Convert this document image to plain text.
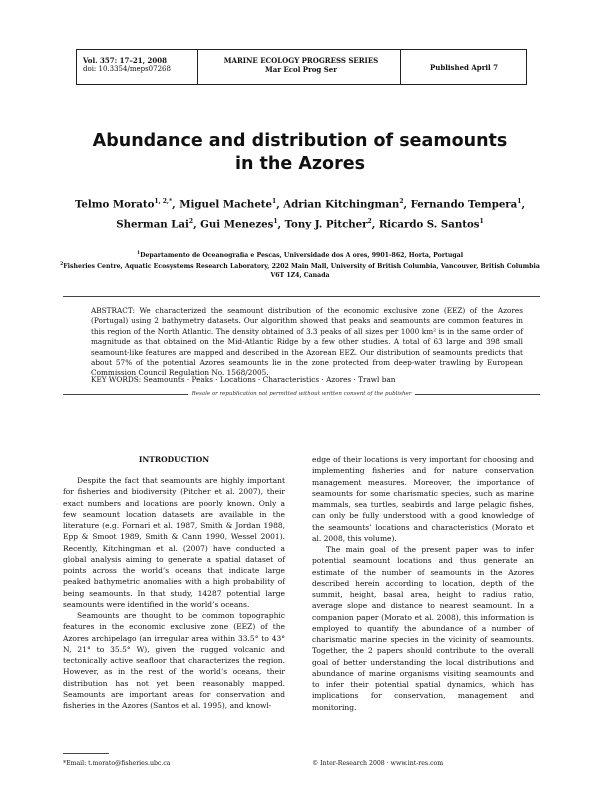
Vol. 357: 17–21, 2008
doi: 10.3354/meps07268
MARINE ECOLOGY PROGRESS SERIES
Mar Ecol Prog Ser	Published April 7
Abundance and distribution of seamounts
in the Azores
Telmo Morato$^{1, 2,*}$, Miguel Machete$^1$, Adrian Kitchingman$^2$, Fernando Tempera$^1$,
Sherman Lai$^2$, Gui Menezes$^1$, Tony J. Pitcher$^2$, Ricardo S. Santos$^1$
$^1$Departamento de Oceanografia e Pescas, Universidade dos A ores, 9901-862, Horta, Portugal
$^2$Fisheries Centre, Aquatic Ecosystems Research Laboratory, 2202 Main Mall, University of British Columbia, Vancouver, British Columbia V6T 1Z4, Canada
ABSTRACT: We characterized the seamount distribution of the economic exclusive zone (EEZ) of the Azores (Portugal) using 2 bathymetry datasets. Our algorithm showed that peaks and seamounts are common features in this region of the North Atlantic. The density obtained of 3.3 peaks of all sizes per 1000 km² is in the same order of magnitude as that obtained on the Mid-Atlantic Ridge by a few other studies. A total of 63 large and 398 small seamount-like features are mapped and described in the Azorean EEZ. Our distribution of seamounts predicts that about 57% of the potential Azores seamounts lie in the zone protected from deep-water trawling by European Commission Council Regulation No. 1568/2005.
KEY WORDS: Seamounts · Peaks · Locations · Characteristics · Azores · Trawl ban
Resale or republication not permitted without written consent of the publisher
INTRODUCTION

Despite the fact that seamounts are highly important for fisheries and biodiversity (Pitcher et al. 2007), their exact numbers and locations are poorly known. Only a few seamount location datasets are available in the literature (e.g. Fornari et al. 1987, Smith & Jordan 1988, Epp & Smoot 1989, Smith & Cann 1990, Wessel 2001). Recently, Kitchingman et al. (2007) have conducted a global analysis aiming to generate a spatial dataset of points across the world’s oceans that indicate large peaked bathymetric anomalies with a high probability of being seamounts. In that study, 14287 potential large seamounts were identified in the world’s oceans.

Seamounts are thought to be common topographic features in the economic exclusive zone (EEZ) of the Azores archipelago (an irregular area within 33.5° to 43° N, 21° to 35.5° W), given the rugged volcanic and tectonically active seafloor that characterizes the region. However, as in the rest of the world’s oceans, their distribution has not yet been reasonably mapped. Seamounts are important areas for conservation and fisheries in the Azores (Santos et al. 1995), and knowl-

edge of their locations is very important for choosing and implementing fisheries and for nature conservation management measures. Moreover, the importance of seamounts for some charismatic species, such as marine mammals, sea turtles, seabirds and large pelagic fishes, can only be fully understood with a good knowledge of the seamounts’ locations and characteristics (Morato et al. 2008, this volume).

The main goal of the present paper was to infer potential seamount locations and thus generate an estimate of the number of seamounts in the Azores described herein according to location, depth of the summit, height, basal area, height to radius ratio, average slope and distance to nearest seamount. In a companion paper (Morato et al. 2008), this information is employed to quantify the abundance of a number of charismatic marine species in the vicinity of seamounts. Together, the 2 papers should contribute to the overall goal of better understanding the local distributions and abundance of marine organisms visiting seamounts and to infer their potential spatial dynamics, which has implications for conservation, management and monitoring.

*Email: t.morato@fisheries.ubc.ca	© Inter-Research 2008 · www.int-res.com
